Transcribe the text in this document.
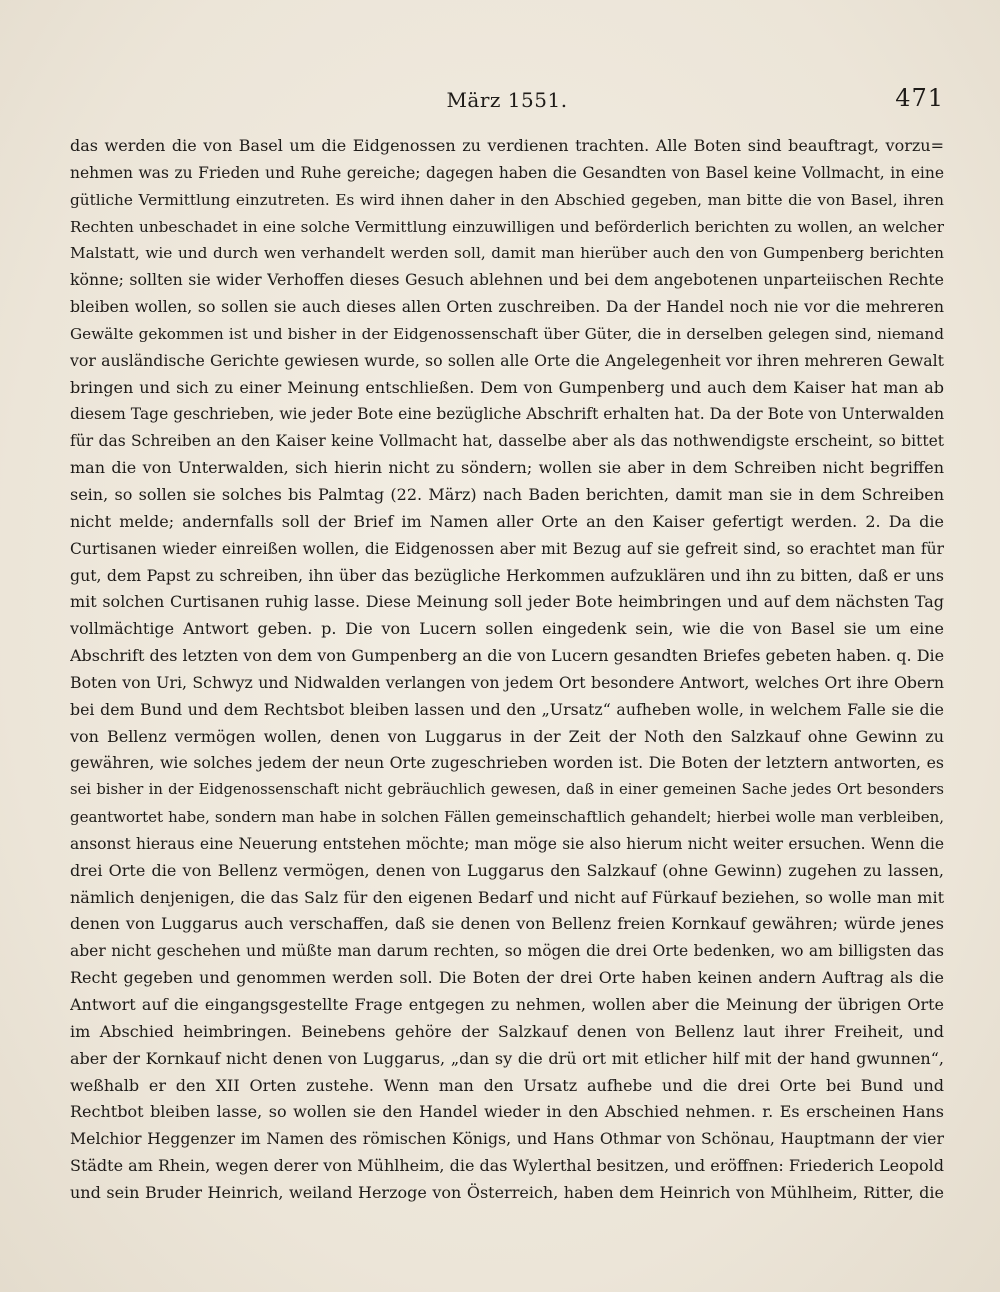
März 1551.	471
das werden die von Basel um die Eidgenossen zu verdienen trachten. Alle Boten sind beauftragt, vorzu=
nehmen was zu Frieden und Ruhe gereiche; dagegen haben die Gesandten von Basel keine Vollmacht, in eine
gütliche Vermittlung einzutreten. Es wird ihnen daher in den Abschied gegeben, man bitte die von Basel, ihren
Rechten unbeschadet in eine solche Vermittlung einzuwilligen und beförderlich berichten zu wollen, an welcher
Malstatt, wie und durch wen verhandelt werden soll, damit man hierüber auch den von Gumpenberg berichten
könne; sollten sie wider Verhoffen dieses Gesuch ablehnen und bei dem angebotenen unparteiischen Rechte
bleiben wollen, so sollen sie auch dieses allen Orten zuschreiben. Da der Handel noch nie vor die mehreren
Gewälte gekommen ist und bisher in der Eidgenossenschaft über Güter, die in derselben gelegen sind, niemand
vor ausländische Gerichte gewiesen wurde, so sollen alle Orte die Angelegenheit vor ihren mehreren Gewalt
bringen und sich zu einer Meinung entschließen. Dem von Gumpenberg und auch dem Kaiser hat man ab
diesem Tage geschrieben, wie jeder Bote eine bezügliche Abschrift erhalten hat. Da der Bote von Unterwalden
für das Schreiben an den Kaiser keine Vollmacht hat, dasselbe aber als das nothwendigste erscheint, so bittet
man die von Unterwalden, sich hierin nicht zu söndern; wollen sie aber in dem Schreiben nicht begriffen
sein, so sollen sie solches bis Palmtag (22. März) nach Baden berichten, damit man sie in dem Schreiben
nicht melde; andernfalls soll der Brief im Namen aller Orte an den Kaiser gefertigt werden. 2. Da die
Curtisanen wieder einreißen wollen, die Eidgenossen aber mit Bezug auf sie gefreit sind, so erachtet man für
gut, dem Papst zu schreiben, ihn über das bezügliche Herkommen aufzuklären und ihn zu bitten, daß er uns
mit solchen Curtisanen ruhig lasse. Diese Meinung soll jeder Bote heimbringen und auf dem nächsten Tag
vollmächtige Antwort geben. p. Die von Lucern sollen eingedenk sein, wie die von Basel sie um eine
Abschrift des letzten von dem von Gumpenberg an die von Lucern gesandten Briefes gebeten haben. q. Die
Boten von Uri, Schwyz und Nidwalden verlangen von jedem Ort besondere Antwort, welches Ort ihre Obern
bei dem Bund und dem Rechtsbot bleiben lassen und den „Ursatz“ aufheben wolle, in welchem Falle sie die
von Bellenz vermögen wollen, denen von Luggarus in der Zeit der Noth den Salzkauf ohne Gewinn zu
gewähren, wie solches jedem der neun Orte zugeschrieben worden ist. Die Boten der letztern antworten, es
sei bisher in der Eidgenossenschaft nicht gebräuchlich gewesen, daß in einer gemeinen Sache jedes Ort besonders
geantwortet habe, sondern man habe in solchen Fällen gemeinschaftlich gehandelt; hierbei wolle man verbleiben,
ansonst hieraus eine Neuerung entstehen möchte; man möge sie also hierum nicht weiter ersuchen. Wenn die
drei Orte die von Bellenz vermögen, denen von Luggarus den Salzkauf (ohne Gewinn) zugehen zu lassen,
nämlich denjenigen, die das Salz für den eigenen Bedarf und nicht auf Fürkauf beziehen, so wolle man mit
denen von Luggarus auch verschaffen, daß sie denen von Bellenz freien Kornkauf gewähren; würde jenes
aber nicht geschehen und müßte man darum rechten, so mögen die drei Orte bedenken, wo am billigsten das
Recht gegeben und genommen werden soll. Die Boten der drei Orte haben keinen andern Auftrag als die
Antwort auf die eingangsgestellte Frage entgegen zu nehmen, wollen aber die Meinung der übrigen Orte
im Abschied heimbringen. Beinebens gehöre der Salzkauf denen von Bellenz laut ihrer Freiheit, und
aber der Kornkauf nicht denen von Luggarus, „dan sy die drü ort mit etlicher hilf mit der hand gwunnen“,
weßhalb er den XII Orten zustehe. Wenn man den Ursatz aufhebe und die drei Orte bei Bund und
Rechtbot bleiben lasse, so wollen sie den Handel wieder in den Abschied nehmen. r. Es erscheinen Hans
Melchior Heggenzer im Namen des römischen Königs, und Hans Othmar von Schönau, Hauptmann der vier
Städte am Rhein, wegen derer von Mühlheim, die das Wylerthal besitzen, und eröffnen: Friederich Leopold
und sein Bruder Heinrich, weiland Herzoge von Österreich, haben dem Heinrich von Mühlheim, Ritter, die
